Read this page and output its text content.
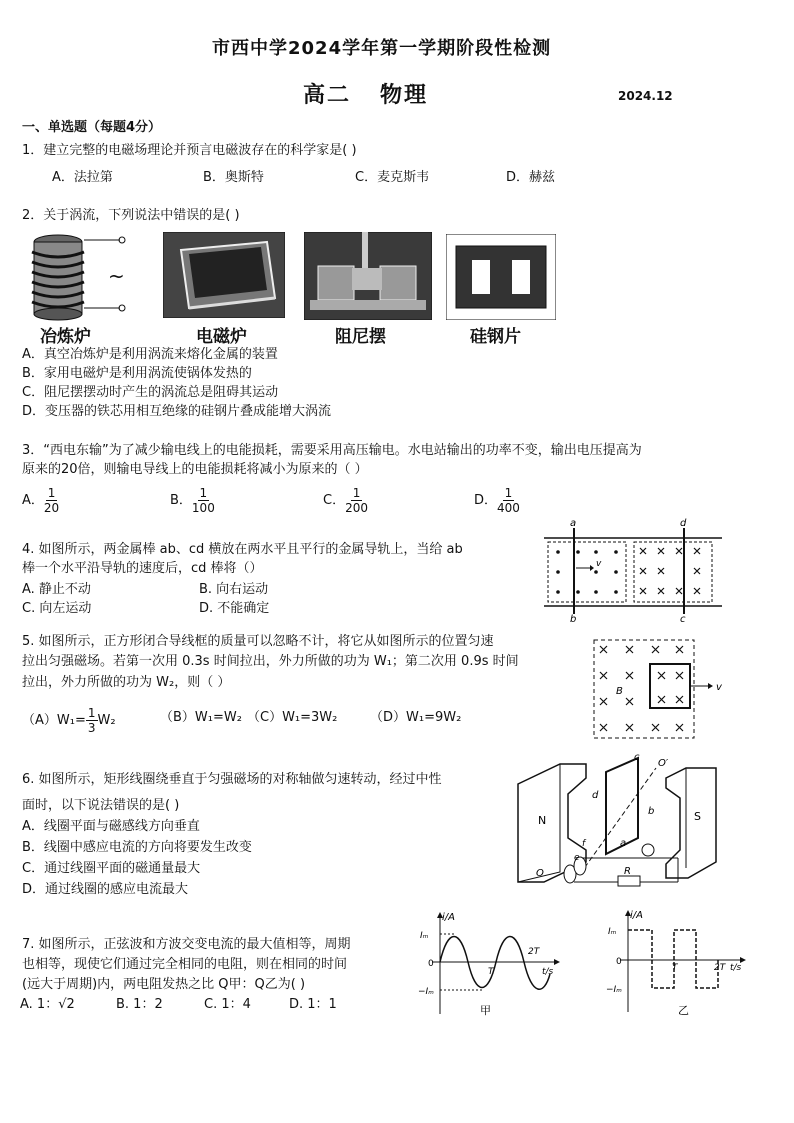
市西中学2024学年第一学期阶段性检测
高二   物理	2024.12
一、单选题（每题4分）
1．建立完整的电磁场理论并预言电磁波存在的科学家是( )
A．法拉第	B．奥斯特	C．麦克斯韦	D．赫兹
2．关于涡流，下列说法中错误的是( )
~
冶炼炉	电磁炉	阻尼摆	硅钢片
A．真空冶炼炉是利用涡流来熔化金属的装置
B．家用电磁炉是利用涡流使锅体发热的
C．阻尼摆摆动时产生的涡流总是阻碍其运动
D．变压器的铁芯用相互绝缘的硅钢片叠成能增大涡流
3．“西电东输”为了减少输电线上的电能损耗，需要采用高压输电。水电站输出的功率不变，输出电压提高为
原来的20倍，则输电导线上的电能损耗将减小为原来的（ ）
A． $\frac{1}{20}$	B． $\frac{1}{100}$	C． $\frac{1}{200}$	D． $\frac{1}{400}$
4. 如图所示，两金属棒 ab、cd 横放在两水平且平行的金属导轨上，当给 ab
棒一个水平沿导轨的速度后，cd 棒将（）
A. 静止不动	B. 向右运动
C. 向左运动	D. 不能确定
a
b	c
d
v
5. 如图所示，正方形闭合导线框的质量可以忽略不计，将它从如图所示的位置匀速
拉出匀强磁场。若第一次用 0.3s 时间拉出，外力所做的功为 W₁；第二次用 0.9s 时间
拉出，外力所做的功为 W₂，则（ ）
$(A)W_1= \frac{1}{3} W_2$	（B）W₁=W₂ （C）W₁=3W₂	（D）W₁=9W₂
B	v
6. 如图所示，矩形线圈绕垂直于匀强磁场的对称轴做匀速转动，经过中性
面时，以下说法错误的是( )
A．线圈平面与磁感线方向垂直
B．线圈中感应电流的方向将要发生改变
C．通过线圈平面的磁通量最大
D．通过线圈的感应电流最大
N	S
a
b
c
d
O
O′
R
e
f
7. 如图所示，正弦波和方波交变电流的最大值相等，周期
也相等，现使它们通过完全相同的电阻，则在相同的时间
(远大于周期)内，两电阻发热之比 Q甲：Q乙为( )
A. 1：√2	B. 1：2	C. 1：4	D. 1：1
i/A
Iₘ
0
−Iₘ
T
2T
t/s
甲
i/A
Iₘ
0
−Iₘ
T	2T t/s
乙
